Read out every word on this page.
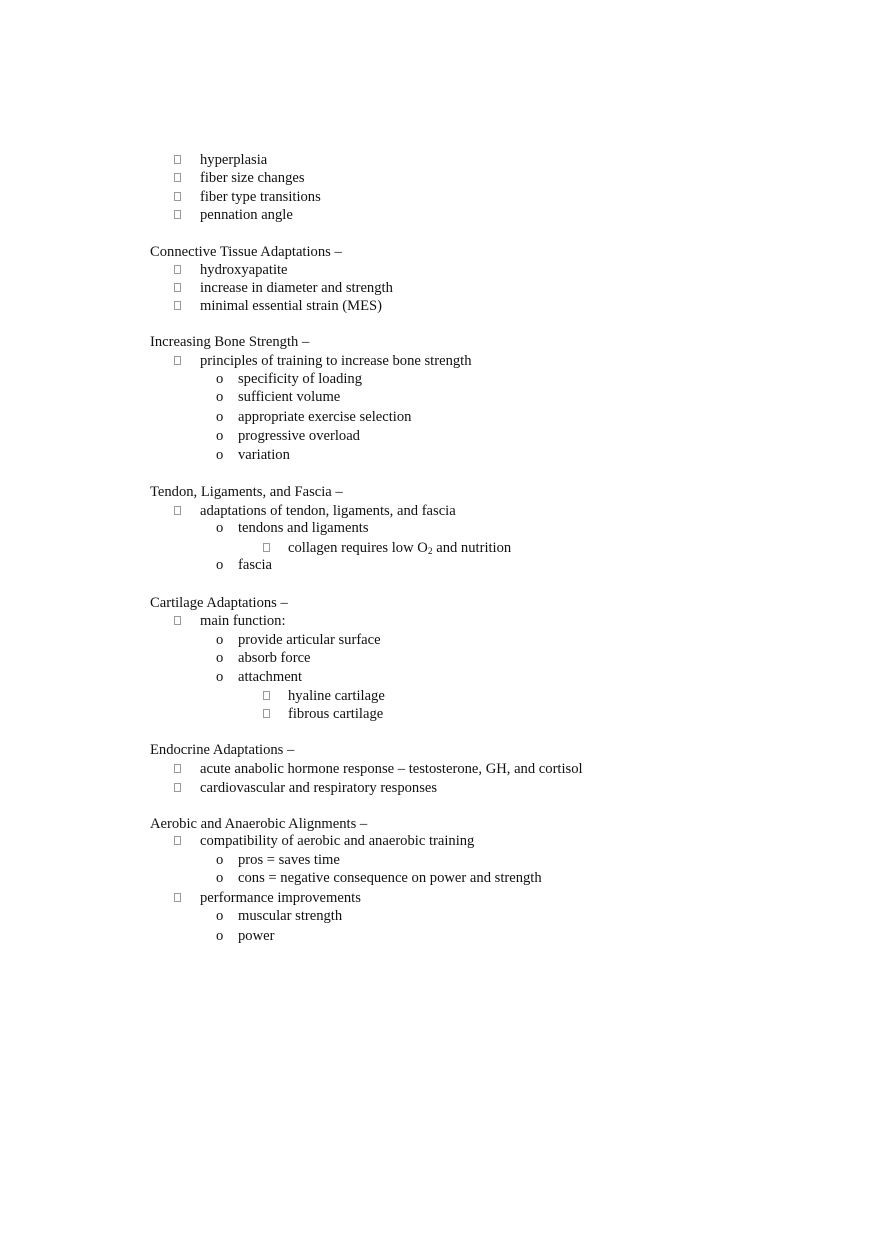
hyperplasia
fiber size changes
fiber type transitions
pennation angle
Connective Tissue Adaptations –
hydroxyapatite
increase in diameter and strength
minimal essential strain (MES)
Increasing Bone Strength –
principles of training to increase bone strength
o specificity of loading
o sufficient volume
o appropriate exercise selection
o progressive overload
o variation
Tendon, Ligaments, and Fascia –
adaptations of tendon, ligaments, and fascia
o tendons and ligaments
collagen requires low $O_2$ and nutrition
o fascia
Cartilage Adaptations –
main function:
o provide articular surface
o absorb force
o attachment
hyaline cartilage
fibrous cartilage
Endocrine Adaptations –
acute anabolic hormone response – testosterone, GH, and cortisol
cardiovascular and respiratory responses
Aerobic and Anaerobic Alignments –
compatibility of aerobic and anaerobic training
o pros = saves time
o cons = negative consequence on power and strength
performance improvements
o muscular strength
o power
